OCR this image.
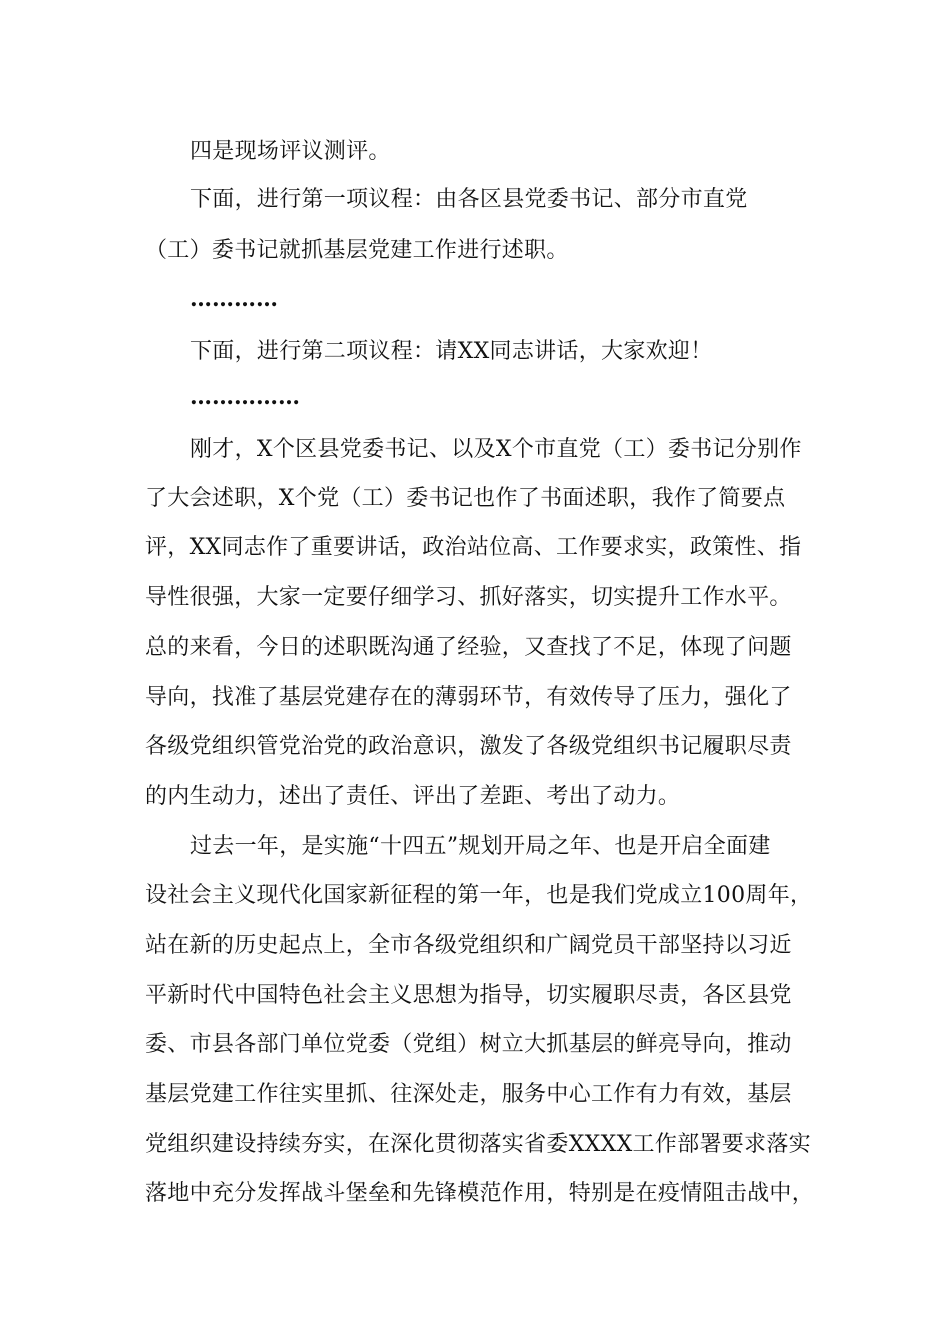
四是现场评议测评。
下面，进行第一项议程：由各区县党委书记、部分市直党
（工）委书记就抓基层党建工作进行述职。
…………
下面，进行第二项议程：请XX同志讲话，大家欢迎！
……………
刚才，X个区县党委书记、以及X个市直党（工）委书记分别作
了大会述职，X个党（工）委书记也作了书面述职，我作了简要点
评，XX同志作了重要讲话，政治站位高、工作要求实，政策性、指
导性很强，大家一定要仔细学习、抓好落实，切实提升工作水平。
总的来看，今日的述职既沟通了经验，又查找了不足，体现了问题
导向，找准了基层党建存在的薄弱环节，有效传导了压力，强化了
各级党组织管党治党的政治意识，激发了各级党组织书记履职尽责
的内生动力，述出了责任、评出了差距、考出了动力。
过去一年，是实施“十四五”规划开局之年、也是开启全面建
设社会主义现代化国家新征程的第一年，也是我们党成立100周年，
站在新的历史起点上，全市各级党组织和广阔党员干部坚持以习近
平新时代中国特色社会主义思想为指导，切实履职尽责，各区县党
委、市县各部门单位党委（党组）树立大抓基层的鲜亮导向，推动
基层党建工作往实里抓、往深处走，服务中心工作有力有效，基层
党组织建设持续夯实，在深化贯彻落实省委XXXX工作部署要求落实
落地中充分发挥战斗堡垒和先锋模范作用，特别是在疫情阻击战中，
